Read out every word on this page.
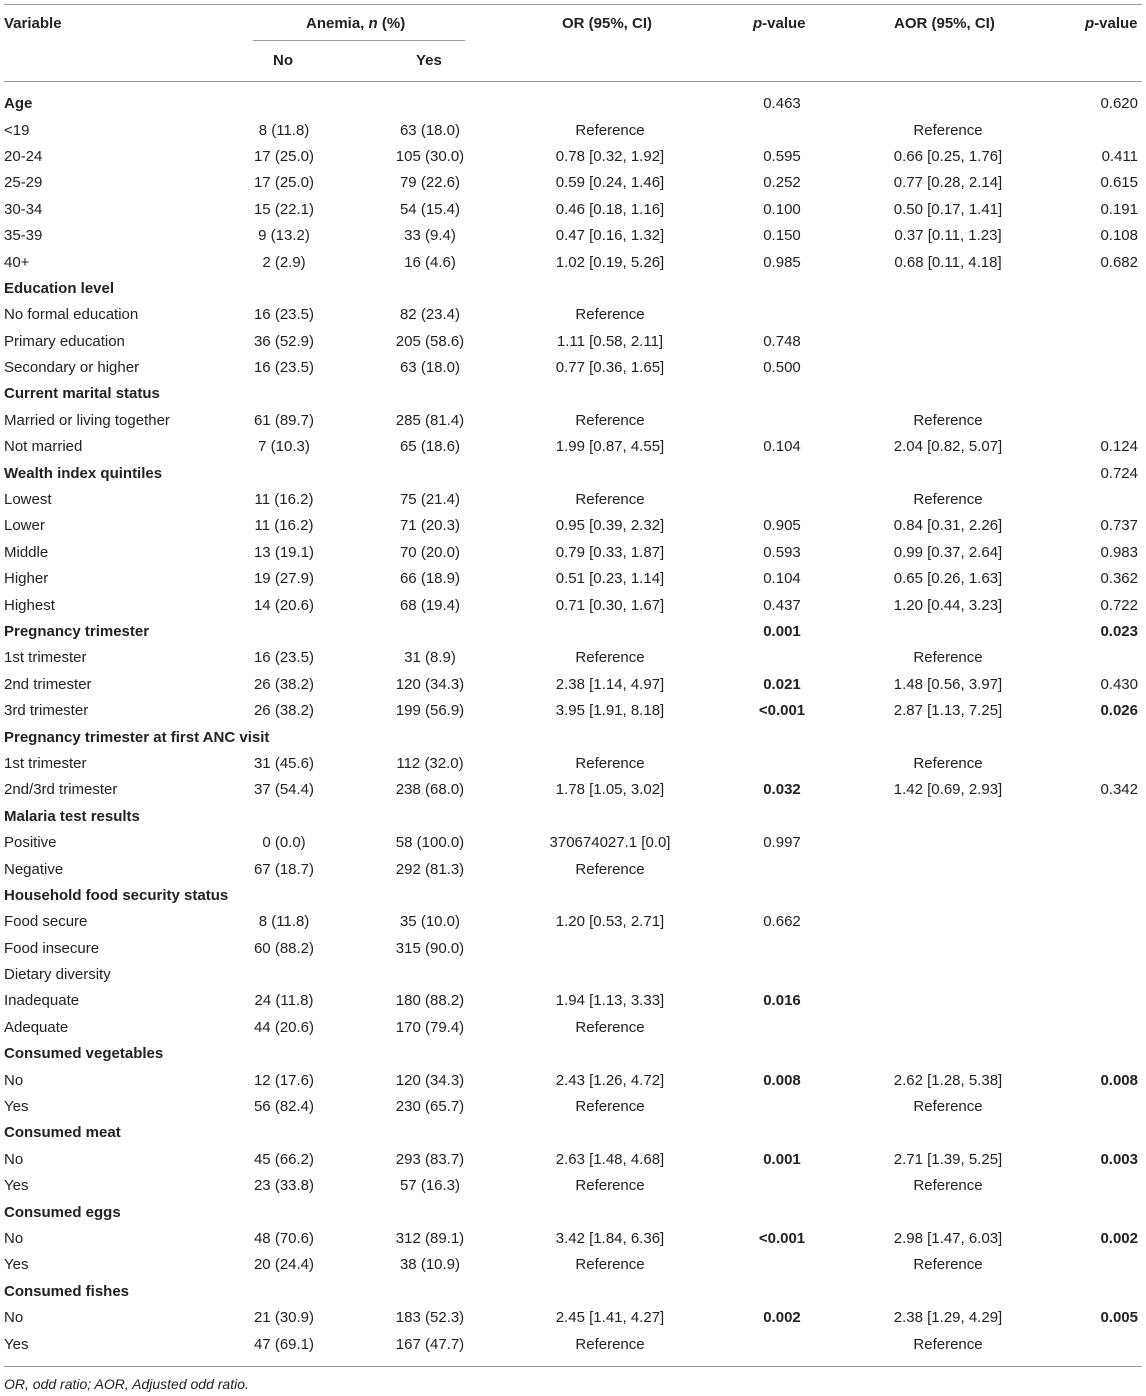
Variable	Anemia, n (%)
No	Yes
OR (95%, CI)	p-value	AOR (95%, CI)	p-value
Age				0.463		0.620
<19	8 (11.8)	63 (18.0)	Reference		Reference	
20-24	17 (25.0)	105 (30.0)	0.78 [0.32, 1.92]	0.595	0.66 [0.25, 1.76]	0.411
25-29	17 (25.0)	79 (22.6)	0.59 [0.24, 1.46]	0.252	0.77 [0.28, 2.14]	0.615
30-34	15 (22.1)	54 (15.4)	0.46 [0.18, 1.16]	0.100	0.50 [0.17, 1.41]	0.191
35-39	9 (13.2)	33 (9.4)	0.47 [0.16, 1.32]	0.150	0.37 [0.11, 1.23]	0.108
40+	2 (2.9)	16 (4.6)	1.02 [0.19, 5.26]	0.985	0.68 [0.11, 4.18]	0.682
Education level						
No formal education	16 (23.5)	82 (23.4)	Reference			
Primary education	36 (52.9)	205 (58.6)	1.11 [0.58, 2.11]	0.748		
Secondary or higher	16 (23.5)	63 (18.0)	0.77 [0.36, 1.65]	0.500		
Current marital status						
Married or living together	61 (89.7)	285 (81.4)	Reference		Reference	
Not married	7 (10.3)	65 (18.6)	1.99 [0.87, 4.55]	0.104	2.04 [0.82, 5.07]	0.124
Wealth index quintiles						0.724
Lowest	11 (16.2)	75 (21.4)	Reference		Reference	
Lower	11 (16.2)	71 (20.3)	0.95 [0.39, 2.32]	0.905	0.84 [0.31, 2.26]	0.737
Middle	13 (19.1)	70 (20.0)	0.79 [0.33, 1.87]	0.593	0.99 [0.37, 2.64]	0.983
Higher	19 (27.9)	66 (18.9)	0.51 [0.23, 1.14]	0.104	0.65 [0.26, 1.63]	0.362
Highest	14 (20.6)	68 (19.4)	0.71 [0.30, 1.67]	0.437	1.20 [0.44, 3.23]	0.722
Pregnancy trimester				0.001		0.023
1st trimester	16 (23.5)	31 (8.9)	Reference		Reference	
2nd trimester	26 (38.2)	120 (34.3)	2.38 [1.14, 4.97]	0.021	1.48 [0.56, 3.97]	0.430
3rd trimester	26 (38.2)	199 (56.9)	3.95 [1.91, 8.18]	<0.001	2.87 [1.13, 7.25]	0.026
Pregnancy trimester at first ANC visit						
1st trimester	31 (45.6)	112 (32.0)	Reference		Reference	
2nd/3rd trimester	37 (54.4)	238 (68.0)	1.78 [1.05, 3.02]	0.032	1.42 [0.69, 2.93]	0.342
Malaria test results						
Positive	0 (0.0)	58 (100.0)	370674027.1 [0.0]	0.997		
Negative	67 (18.7)	292 (81.3)	Reference			
Household food security status						
Food secure	8 (11.8)	35 (10.0)	1.20 [0.53, 2.71]	0.662		
Food insecure	60 (88.2)	315 (90.0)				
Dietary diversity						
Inadequate	24 (11.8)	180 (88.2)	1.94 [1.13, 3.33]	0.016		
Adequate	44 (20.6)	170 (79.4)	Reference			
Consumed vegetables						
No	12 (17.6)	120 (34.3)	2.43 [1.26, 4.72]	0.008	2.62 [1.28, 5.38]	0.008
Yes	56 (82.4)	230 (65.7)	Reference		Reference	
Consumed meat						
No	45 (66.2)	293 (83.7)	2.63 [1.48, 4.68]	0.001	2.71 [1.39, 5.25]	0.003
Yes	23 (33.8)	57 (16.3)	Reference		Reference	
Consumed eggs						
No	48 (70.6)	312 (89.1)	3.42 [1.84, 6.36]	<0.001	2.98 [1.47, 6.03]	0.002
Yes	20 (24.4)	38 (10.9)	Reference		Reference	
Consumed fishes						
No	21 (30.9)	183 (52.3)	2.45 [1.41, 4.27]	0.002	2.38 [1.29, 4.29]	0.005
Yes	47 (69.1)	167 (47.7)	Reference		Reference	
OR, odd ratio; AOR, Adjusted odd ratio.
